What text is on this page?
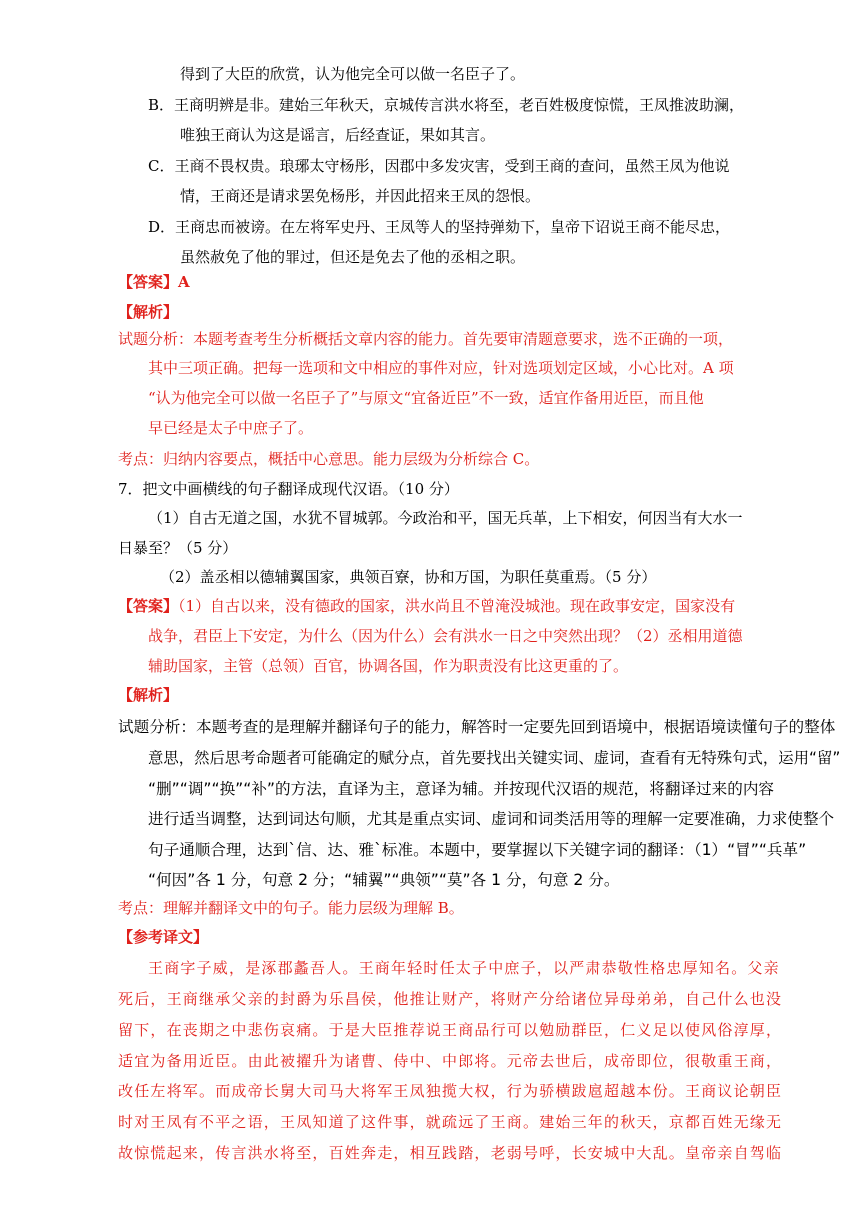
得到了大臣的欣赏，认为他完全可以做一名臣子了。
B．王商明辨是非。建始三年秋天，京城传言洪水将至，老百姓极度惊慌，王凤推波助澜，
唯独王商认为这是谣言，后经查证，果如其言。
C．王商不畏权贵。琅琊太守杨彤，因郡中多发灾害，受到王商的查问，虽然王凤为他说
情，王商还是请求罢免杨彤，并因此招来王凤的怨恨。
D．王商忠而被谤。在左将军史丹、王凤等人的坚持弹劾下，皇帝下诏说王商不能尽忠，
虽然赦免了他的罪过，但还是免去了他的丞相之职。
【答案】A
【解析】
试题分析：本题考查考生分析概括文章内容的能力。首先要审清题意要求，选不正确的一项，
其中三项正确。把每一选项和文中相应的事件对应，针对选项划定区域，小心比对。A 项
“认为他完全可以做一名臣子了”与原文“宜备近臣”不一致，适宜作备用近臣，而且他
早已经是太子中庶子了。
考点：归纳内容要点，概括中心意思。能力层级为分析综合 C。
7．把文中画横线的句子翻译成现代汉语。（10 分）
（1）自古无道之国，水犹不冒城郭。今政治和平，国无兵革，上下相安，何因当有大水一
日暴至？（5 分）
（2）盖丞相以德辅翼国家，典领百寮，协和万国，为职任莫重焉。（5 分）
【答案】（1）自古以来，没有德政的国家，洪水尚且不曾淹没城池。现在政事安定，国家没有
战争，君臣上下安定，为什么（因为什么）会有洪水一日之中突然出现？（2）丞相用道德
辅助国家，主管（总领）百官，协调各国，作为职责没有比这更重的了。
【解析】
试题分析：本题考查的是理解并翻译句子的能力，解答时一定要先回到语境中，根据语境读懂句子的整体
意思，然后思考命题者可能确定的赋分点，首先要找出关键实词、虚词，查看有无特殊句式，运用“留”
“删”“调”“换”“补”的方法，直译为主，意译为辅。并按现代汉语的规范，将翻译过来的内容
进行适当调整，达到词达句顺，尤其是重点实词、虚词和词类活用等的理解一定要准确，力求使整个
句子通顺合理，达到`信、达、雅`标准。本题中，要掌握以下关键字词的翻译：（1）“冒”“兵革”
“何因”各 1 分，句意 2 分；“辅翼”“典领”“莫”各 1 分，句意 2 分。
考点：理解并翻译文中的句子。能力层级为理解 B。
【参考译文】
王商字子威，是涿郡蠡吾人。王商年轻时任太子中庶子，以严肃恭敬性格忠厚知名。父亲
死后，王商继承父亲的封爵为乐昌侯，他推让财产，将财产分给诸位异母弟弟，自己什么也没
留下，在丧期之中悲伤哀痛。于是大臣推荐说王商品行可以勉励群臣，仁义足以使风俗淳厚，
适宜为备用近臣。由此被擢升为诸曹、侍中、中郎将。元帝去世后，成帝即位，很敬重王商，
改任左将军。而成帝长舅大司马大将军王凤独揽大权，行为骄横跋扈超越本份。王商议论朝臣
时对王凤有不平之语，王凤知道了这件事，就疏远了王商。建始三年的秋天，京都百姓无缘无
故惊慌起来，传言洪水将至，百姓奔走，相互践踏，老弱号呼，长安城中大乱。皇帝亲自驾临
